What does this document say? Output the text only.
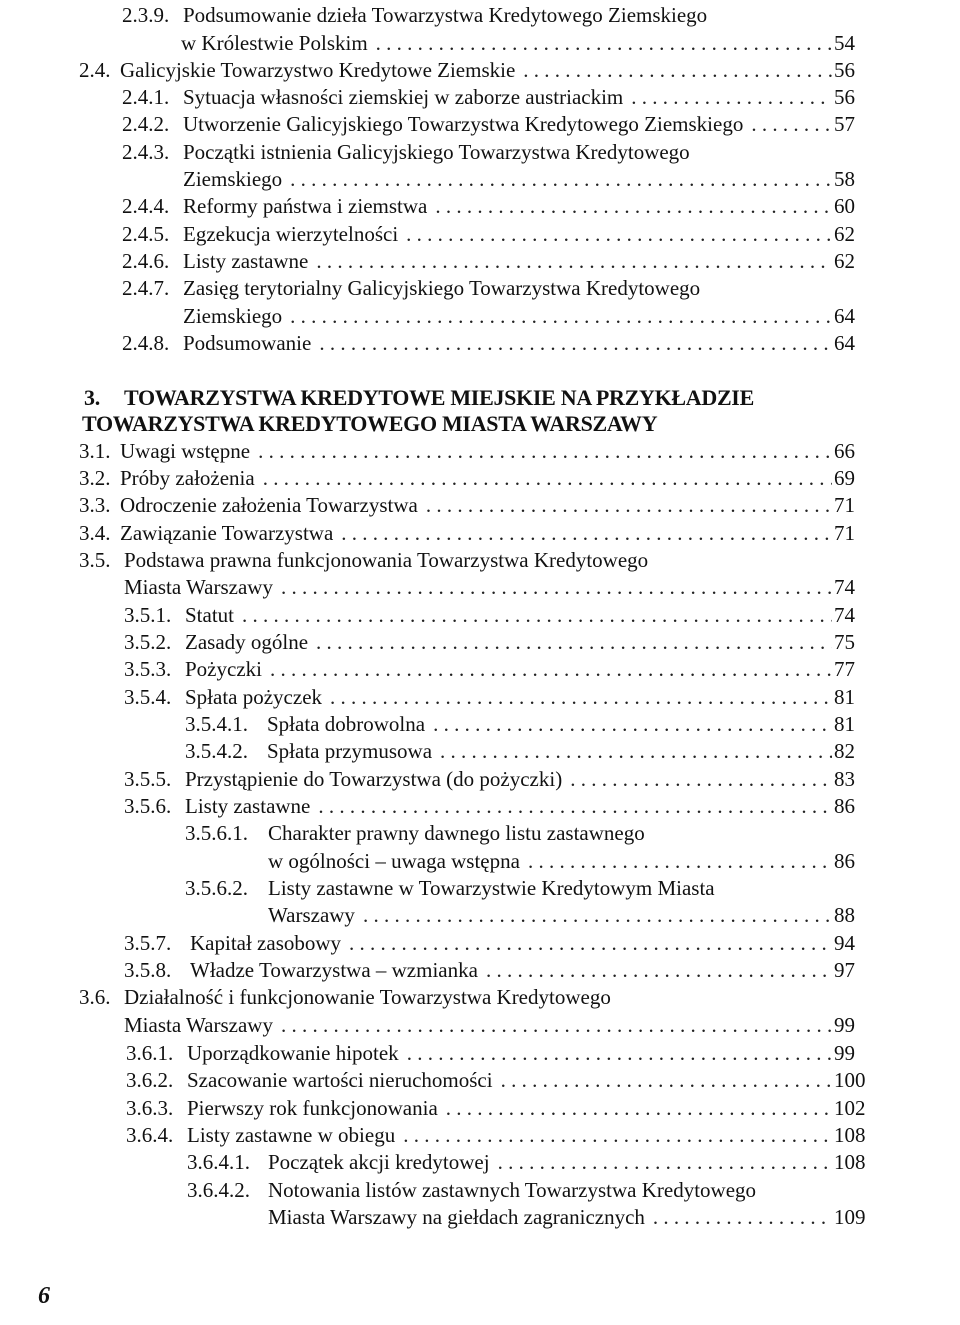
2.3.9. Podsumowanie dzieła Towarzystwa Kredytowego Ziemskiego
w Królestwie Polskim . . .	54
2.4. Galicyjskie Towarzystwo Kredytowe Ziemskie . . .	56
2.4.1. Sytuacja własności ziemskiej w zaborze austriackim . . .	56
2.4.2. Utworzenie Galicyjskiego Towarzystwa Kredytowego Ziemskiego . . .	57
2.4.3. Początki istnienia Galicyjskiego Towarzystwa Kredytowego
Ziemskiego . . .	58
2.4.4. Reformy państwa i ziemstwa . . .	60
2.4.5. Egzekucja wierzytelności . . .	62
2.4.6. Listy zastawne . . .	62
2.4.7. Zasięg terytorialny Galicyjskiego Towarzystwa Kredytowego
Ziemskiego . . .	64
2.4.8. Podsumowanie . . .	64
3.1. Uwagi wstępne . . .	66
3.2. Próby założenia . . .	69
3.3. Odroczenie założenia Towarzystwa . . .	71
3.4. Zawiązanie Towarzystwa . . .	71
3.5. Podstawa prawna funkcjonowania Towarzystwa Kredytowego
Miasta Warszawy . . .	74
3.5.1. Statut . . .	74
3.5.2. Zasady ogólne . . .	75
3.5.3. Pożyczki . . .	77
3.5.4. Spłata pożyczek . . .	81
3.5.4.1. Spłata dobrowolna . . .	81
3.5.4.2. Spłata przymusowa . . .	82
3.5.5. Przystąpienie do Towarzystwa (do pożyczki) . . .	83
3.5.6. Listy zastawne . . .	86
3.5.6.1. Charakter prawny dawnego listu zastawnego
w ogólności – uwaga wstępna . . .	86
3.5.6.2. Listy zastawne w Towarzystwie Kredytowym Miasta
Warszawy . . .	88
3.5.7. Kapitał zasobowy . . .	94
3.5.8. Władze Towarzystwa – wzmianka . . .	97
3.6. Działalność i funkcjonowanie Towarzystwa Kredytowego
Miasta Warszawy . . .	99
3.6.1. Uporządkowanie hipotek . . .	99
3.6.2. Szacowanie wartości nieruchomości . . .	100
3.6.3. Pierwszy rok funkcjonowania . . .	102
3.6.4. Listy zastawne w obiegu . . .	108
3.6.4.1. Początek akcji kredytowej . . .	108
3.6.4.2. Notowania listów zastawnych Towarzystwa Kredytowego
Miasta Warszawy na giełdach zagranicznych . . .	109
3. TOWARZYSTWA KREDYTOWE MIEJSKIE NA PRZYKŁADZIE
TOWARZYSTWA KREDYTOWEGO MIASTA WARSZAWY
6
